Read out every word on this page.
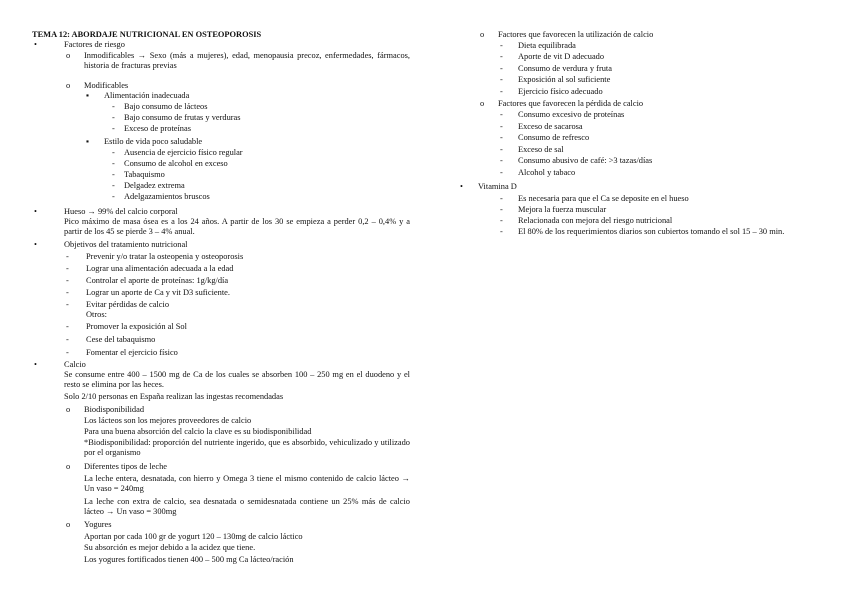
TEMA 12: ABORDAJE NUTRICIONAL EN OSTEOPOROSIS
•	Factores de riesgo
o Inmodificables → Sexo (más a mujeres), edad, menopausia precoz, enfermedades, fármacos, historia de fracturas previas
o Modificables
▪ Alimentación inadecuada
- Bajo consumo de lácteos
- Bajo consumo de frutas y verduras
- Exceso de proteínas
▪ Estilo de vida poco saludable
- Ausencia de ejercicio físico regular
- Consumo de alcohol en exceso
- Tabaquismo
- Delgadez extrema
- Adelgazamientos bruscos
•	Hueso → 99% del calcio corporal
Pico máximo de masa ósea es a los 24 años. A partir de los 30 se empieza a perder 0,2 – 0,4% y a partir de los 45 se pierde 3 – 4% anual.
•	Objetivos del tratamiento nutricional
- Prevenir y/o tratar la osteopenia y osteoporosis
- Lograr una alimentación adecuada a la edad
- Controlar el aporte de proteínas: 1g/kg/día
- Lograr un aporte de Ca y vit D3 suficiente.
- Evitar pérdidas de calcio
Otros:
- Promover la exposición al Sol
- Cese del tabaquismo
- Fomentar el ejercicio físico
•	Calcio
Se consume entre 400 – 1500 mg de Ca de los cuales se absorben 100 – 250 mg en el duodeno y el resto se elimina por las heces.
Solo 2/10 personas en España realizan las ingestas recomendadas
o Biodisponibilidad
Los lácteos son los mejores proveedores de calcio
Para una buena absorción del calcio la clave es su biodisponibilidad
*Biodisponibilidad: proporción del nutriente ingerido, que es absorbido, vehiculizado y utilizado por el organismo
o Diferentes tipos de leche
La leche entera, desnatada, con hierro y Omega 3 tiene el mismo contenido de calcio lácteo → Un vaso = 240mg
La leche con extra de calcio, sea desnatada o semidesnatada contiene un 25% más de calcio lácteo → Un vaso = 300mg
o Yogures
Aportan por cada 100 gr de yogurt 120 – 130mg de calcio láctico
Su absorción es mejor debido a la acidez que tiene.
Los yogures fortificados tienen 400 – 500 mg Ca lácteo/ración
o Factores que favorecen la utilización de calcio
- Dieta equilibrada
- Aporte de vit D adecuado
- Consumo de verdura y fruta
- Exposición al sol suficiente
- Ejercicio físico adecuado
o Factores que favorecen la pérdida de calcio
- Consumo excesivo de proteínas
- Exceso de sacarosa
- Consumo de refresco
- Exceso de sal
- Consumo abusivo de café: >3 tazas/días
- Alcohol y tabaco
• Vitamina D
- Es necesaria para que el Ca se deposite en el hueso
- Mejora la fuerza muscular
- Relacionada con mejora del riesgo nutricional
- El 80% de los requerimientos diarios son cubiertos tomando el sol 15 – 30 min.
